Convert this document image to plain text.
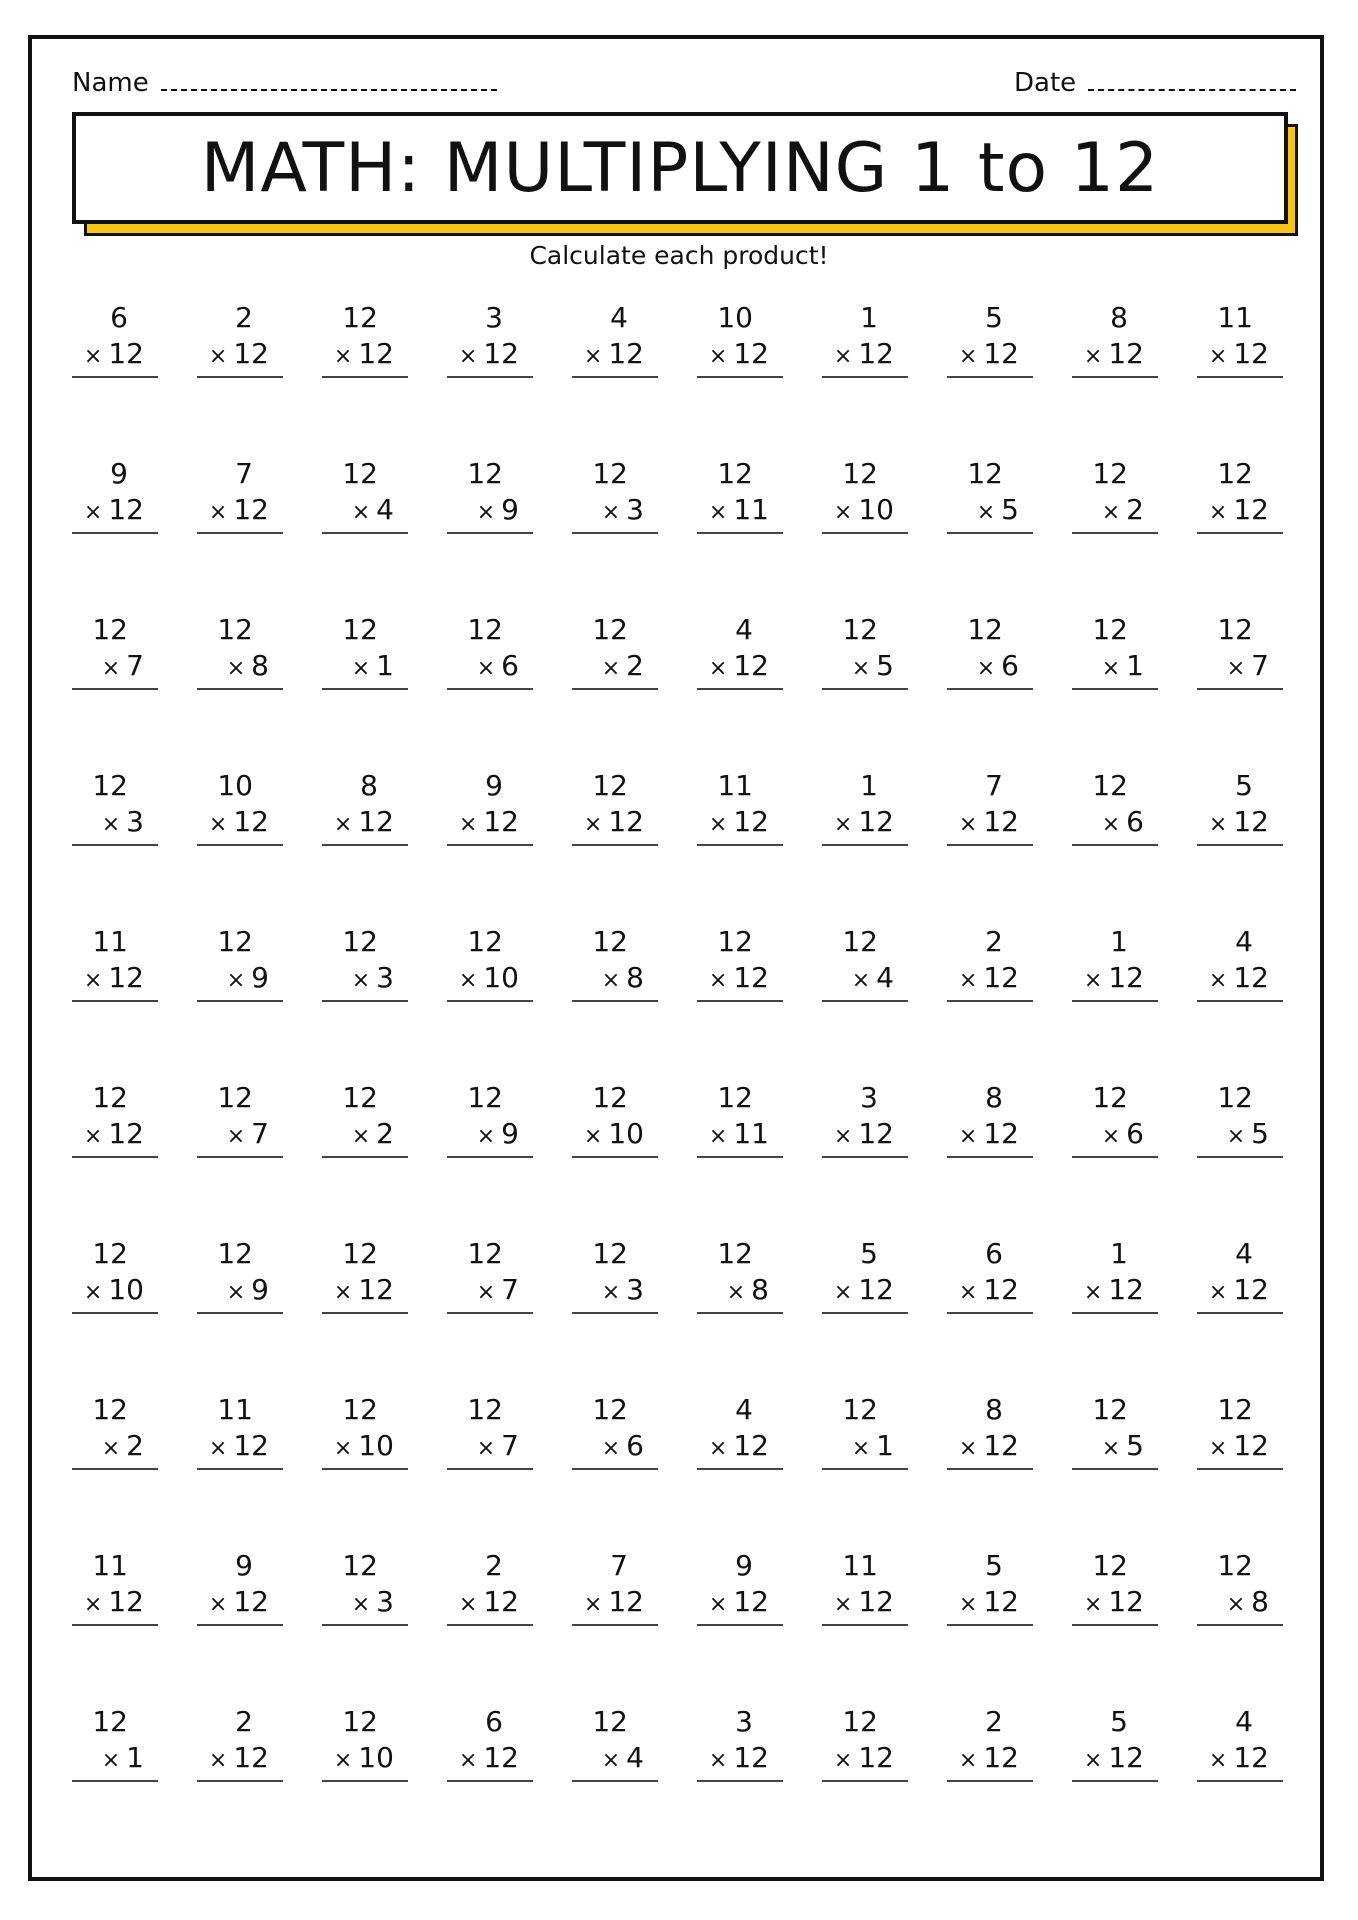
Name	Date
MATH: MULTIPLYING 1 to 12
Calculate each product!
6
× 12
2
× 12
12
× 12
3
× 12
4
× 12
10
× 12
1
× 12
5
× 12
8
× 12
11
× 12
9
× 12
7
× 12
12
× 4
12
× 9
12
× 3
12
× 11
12
× 10
12
× 5
12
× 2
12
× 12
12
× 7
12
× 8
12
× 1
12
× 6
12
× 2
4
× 12
12
× 5
12
× 6
12
× 1
12
× 7
12
× 3
10
× 12
8
× 12
9
× 12
12
× 12
11
× 12
1
× 12
7
× 12
12
× 6
5
× 12
11
× 12
12
× 9
12
× 3
12
× 10
12
× 8
12
× 12
12
× 4
2
× 12
1
× 12
4
× 12
12
× 12
12
× 7
12
× 2
12
× 9
12
× 10
12
× 11
3
× 12
8
× 12
12
× 6
12
× 5
12
× 10
12
× 9
12
× 12
12
× 7
12
× 3
12
× 8
5
× 12
6
× 12
1
× 12
4
× 12
12
× 2
11
× 12
12
× 10
12
× 7
12
× 6
4
× 12
12
× 1
8
× 12
12
× 5
12
× 12
11
× 12
9
× 12
12
× 3
2
× 12
7
× 12
9
× 12
11
× 12
5
× 12
12
× 12
12
× 8
12
× 1
2
× 12
12
× 10
6
× 12
12
× 4
3
× 12
12
× 12
2
× 12
5
× 12
4
× 12
